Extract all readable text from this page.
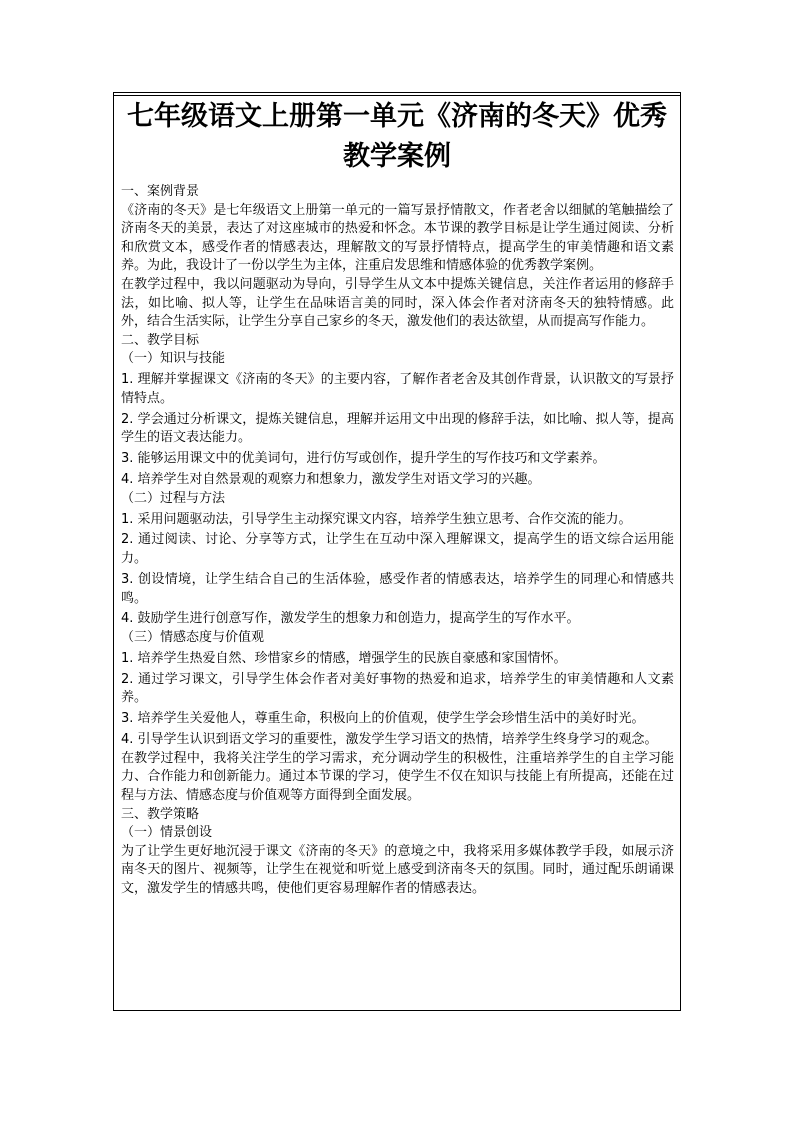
七年级语文上册第一单元《济南的冬天》优秀教学案例

一、案例背景

《济南的冬天》是七年级语文上册第一单元的一篇写景抒情散文，作者老舍以细腻的笔触描绘了济南冬天的美景，表达了对这座城市的热爱和怀念。本节课的教学目标是让学生通过阅读、分析和欣赏文本，感受作者的情感表达，理解散文的写景抒情特点，提高学生的审美情趣和语文素养。为此，我设计了一份以学生为主体，注重启发思维和情感体验的优秀教学案例。

在教学过程中，我以问题驱动为导向，引导学生从文本中提炼关键信息，关注作者运用的修辞手法，如比喻、拟人等，让学生在品味语言美的同时，深入体会作者对济南冬天的独特情感。此外，结合生活实际，让学生分享自己家乡的冬天，激发他们的表达欲望，从而提高写作能力。

二、教学目标

（一）知识与技能

1. 理解并掌握课文《济南的冬天》的主要内容，了解作者老舍及其创作背景，认识散文的写景抒情特点。

2. 学会通过分析课文，提炼关键信息，理解并运用文中出现的修辞手法，如比喻、拟人等，提高学生的语文表达能力。

3. 能够运用课文中的优美词句，进行仿写或创作，提升学生的写作技巧和文学素养。

4. 培养学生对自然景观的观察力和想象力，激发学生对语文学习的兴趣。

（二）过程与方法

1. 采用问题驱动法，引导学生主动探究课文内容，培养学生独立思考、合作交流的能力。

2. 通过阅读、讨论、分享等方式，让学生在互动中深入理解课文，提高学生的语文综合运用能力。

3. 创设情境，让学生结合自己的生活体验，感受作者的情感表达，培养学生的同理心和情感共鸣。

4. 鼓励学生进行创意写作，激发学生的想象力和创造力，提高学生的写作水平。

（三）情感态度与价值观

1. 培养学生热爱自然、珍惜家乡的情感，增强学生的民族自豪感和家国情怀。

2. 通过学习课文，引导学生体会作者对美好事物的热爱和追求，培养学生的审美情趣和人文素养。

3. 培养学生关爱他人，尊重生命，积极向上的价值观，使学生学会珍惜生活中的美好时光。

4. 引导学生认识到语文学习的重要性，激发学生学习语文的热情，培养学生终身学习的观念。

在教学过程中，我将关注学生的学习需求，充分调动学生的积极性，注重培养学生的自主学习能力、合作能力和创新能力。通过本节课的学习，使学生不仅在知识与技能上有所提高，还能在过程与方法、情感态度与价值观等方面得到全面发展。

三、教学策略

（一）情景创设

为了让学生更好地沉浸于课文《济南的冬天》的意境之中，我将采用多媒体教学手段，如展示济南冬天的图片、视频等，让学生在视觉和听觉上感受到济南冬天的氛围。同时，通过配乐朗诵课文，激发学生的情感共鸣，使他们更容易理解作者的情感表达。
